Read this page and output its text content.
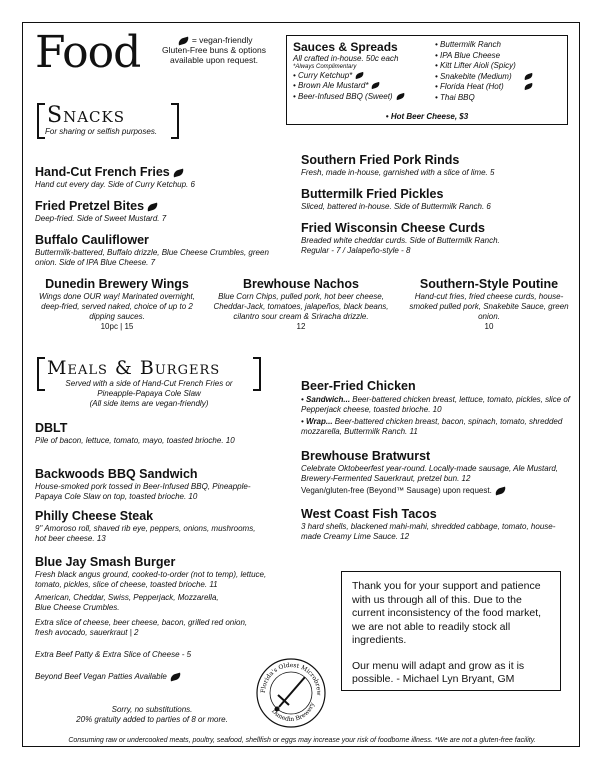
Food	= vegan-friendly
Gluten-Free buns & options
available upon request.
Sauces & Spreads
All crafted in-house. 50c each
*Always Complimentary
• Curry Ketchup*
• Brown Ale Mustard*
• Beer-Infused BBQ (Sweet)
• Buttermilk Ranch
• IPA Blue Cheese
• Kitt Lifter Aioli (Spicy)
• Snakebite (Medium)
• Florida Heat (Hot)
• Thai BBQ
• Hot Beer Cheese, $3
Snacks
For sharing or selfish purposes.
Hand-Cut French Fries
Hand cut every day. Side of Curry Ketchup. 6
Fried Pretzel Bites
Deep-fried. Side of Sweet Mustard. 7
Buffalo Cauliflower
Buttermilk-battered, Buffalo drizzle, Blue Cheese Crumbles, green onion. Side of IPA Blue Cheese. 7
Southern Fried Pork Rinds
Fresh, made in-house, garnished with a slice of lime. 5
Buttermilk Fried Pickles
Sliced, battered in-house. Side of Buttermilk Ranch. 6
Fried Wisconsin Cheese Curds
Breaded white cheddar curds. Side of Buttermilk Ranch.
Regular - 7 / Jalapeño-style - 8
Dunedin Brewery Wings
Wings done OUR way! Marinated overnight, deep-fried, served naked, choice of up to 2 dipping sauces.
10pc | 15
Brewhouse Nachos
Blue Corn Chips, pulled pork, hot beer cheese, Cheddar-Jack, tomatoes, jalapeños, black beans, cilantro sour cream & Sriracha drizzle.
12
Southern-Style Poutine
Hand-cut fries, fried cheese curds, house-smoked pulled pork, Snakebite Sauce, green onion.
10
Meals & Burgers
Served with a side of Hand-Cut French Fries or
Pineapple-Papaya Cole Slaw
(All side items are vegan-friendly)
DBLT
Pile of bacon, lettuce, tomato, mayo, toasted brioche. 10
Backwoods BBQ Sandwich
House-smoked pork tossed in Beer-Infused BBQ, Pineapple-Papaya Cole Slaw on top, toasted brioche. 10
Philly Cheese Steak
9" Amoroso roll, shaved rib eye, peppers, onions, mushrooms, hot beer cheese. 13
Blue Jay Smash Burger
Fresh black angus ground, cooked-to-order (not to temp), lettuce, tomato, pickles, slice of cheese, toasted brioche. 11
American, Cheddar, Swiss, Pepperjack, Mozzarella, Blue Cheese Crumbles.
Extra slice of cheese, beer cheese, bacon, grilled red onion, fresh avocado, sauerkraut | 2
Extra Beef Patty & Extra Slice of Cheese - 5
Beyond Beef Vegan Patties Available
Beer-Fried Chicken
• Sandwich... Beer-battered chicken breast, lettuce, tomato, pickles, slice of Pepperjack cheese, toasted brioche. 10
• Wrap... Beer-battered chicken breast, bacon, spinach, tomato, shredded mozzarella, Buttermilk Ranch. 11
Brewhouse Bratwurst
Celebrate Oktobeerfest year-round. Locally-made sausage, Ale Mustard, Brewery-Fermented Sauerkraut, pretzel bun. 12
Vegan/gluten-free (Beyond™ Sausage) upon request.
West Coast Fish Tacos
3 hard shells, blackened mahi-mahi, shredded cabbage, tomato, house-made Creamy Lime Sauce. 12

Thank you for your support and patience with us through all of this. Due to the current inconsistency of the food market, we are not able to readily stock all ingredients.

Our menu will adapt and grow as it is possible. - Michael Lyn Bryant, GM

Florida's Oldest Microbrew
Dunedin Brewery
Sorry, no substitutions.
20% gratuity added to parties of 8 or more.
Consuming raw or undercooked meats, poultry, seafood, shellfish or eggs may increase your risk of foodborne illness. *We are not a gluten-free facility.
